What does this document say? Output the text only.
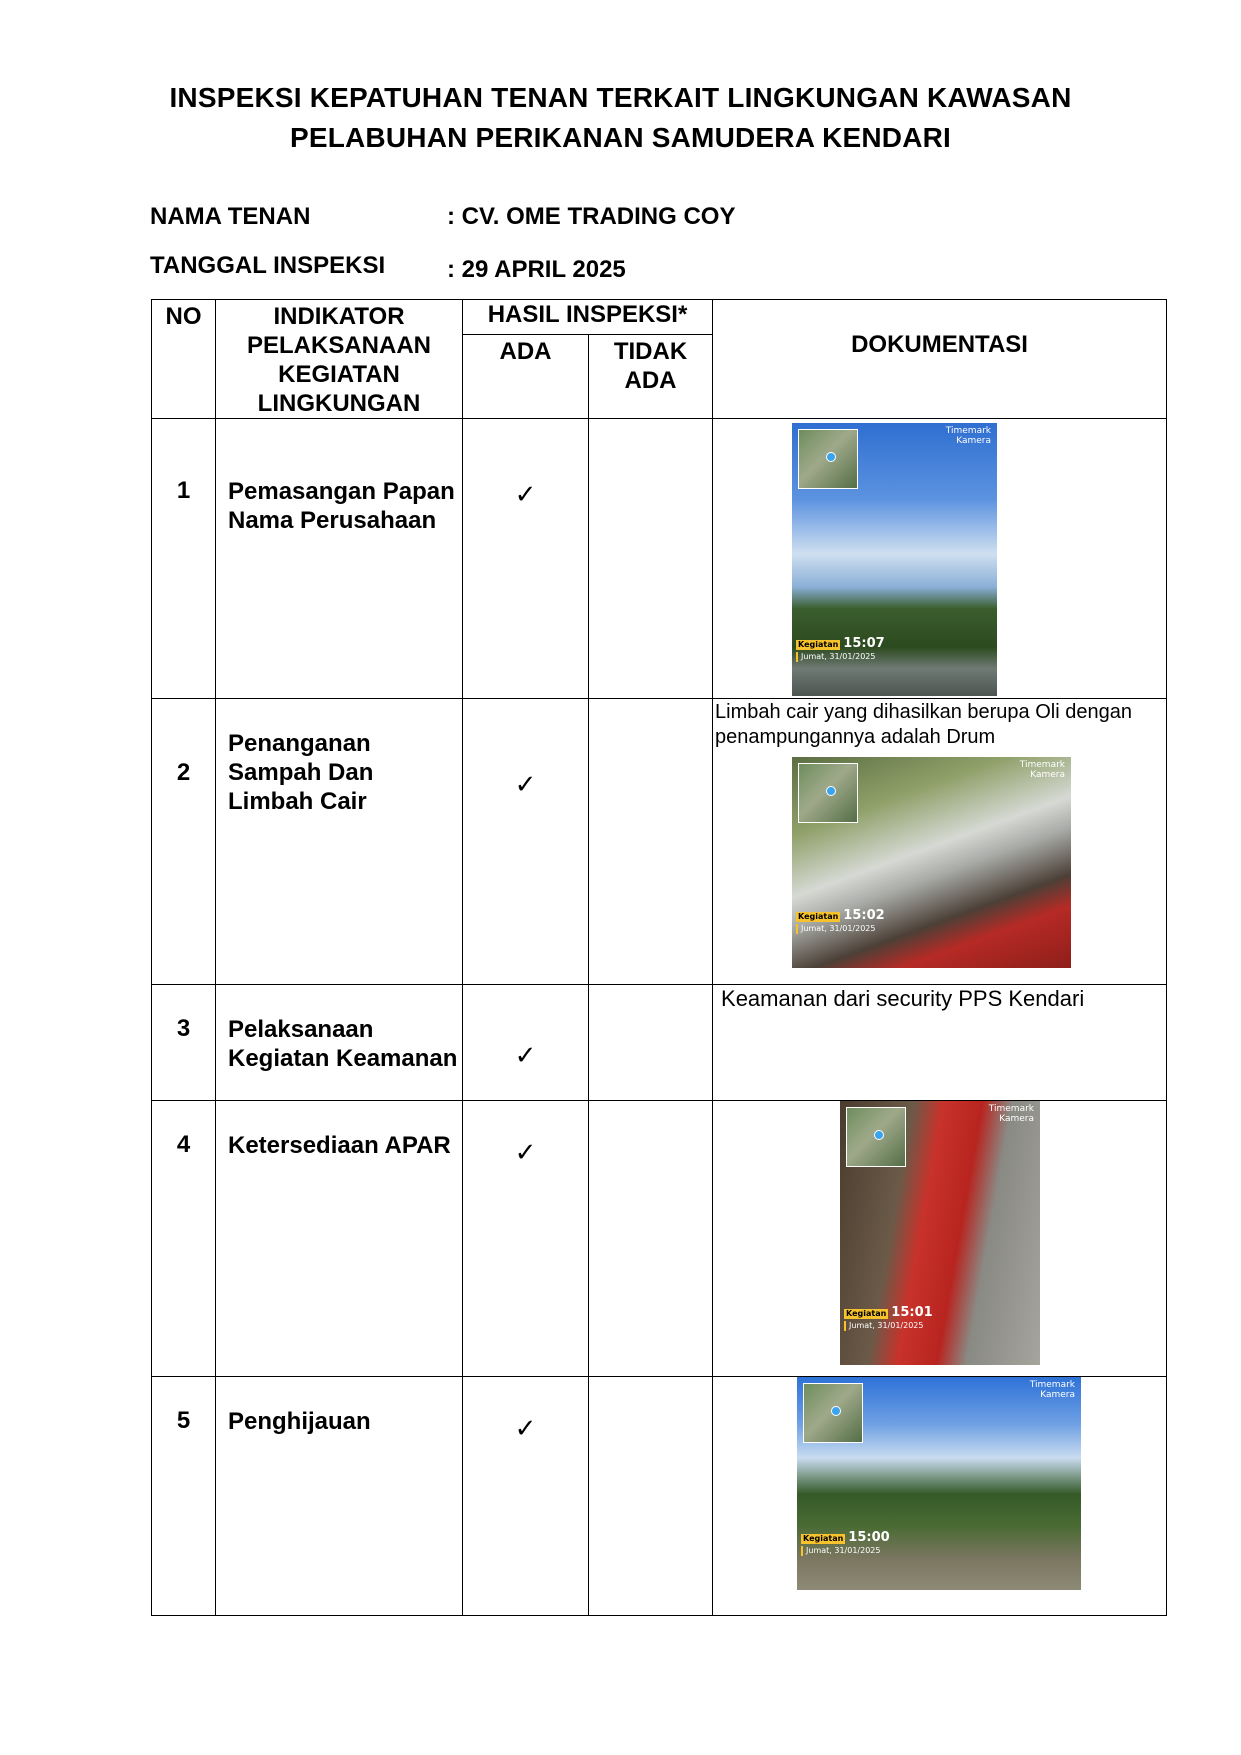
INSPEKSI KEPATUHAN TENAN TERKAIT LINGKUNGAN KAWASAN
PELABUHAN PERIKANAN SAMUDERA KENDARI
NAMA TENAN	: CV. OME TRADING COY
TANGGAL INSPEKSI	: 29 APRIL 2025
NO	INDIKATOR PELAKSANAAN KEGIATAN LINGKUNGAN	HASIL INSPEKSI*		DOKUMENTASI
		ADA	TIDAK ADA	
1	Pemasangan Papan Nama Perusahaan	✓		Timemark
Kamera
Kegiatan 15:07
Jumat, 31/01/2025

2	Penanganan Sampah Dan Limbah Cair	✓		Limbah cair yang dihasilkan berupa Oli dengan penampungannya adalah Drum
Timemark
Kamera
Kegiatan 15:02
Jumat, 31/01/2025

3	Pelaksanaan Kegiatan Keamanan	✓		Keamanan dari security PPS Kendari
4	Ketersediaan APAR	✓		Timemark
Kamera
Kegiatan 15:01
Jumat, 31/01/2025

5	Penghijauan	✓		Timemark
Kamera
Kegiatan 15:00
Jumat, 31/01/2025
